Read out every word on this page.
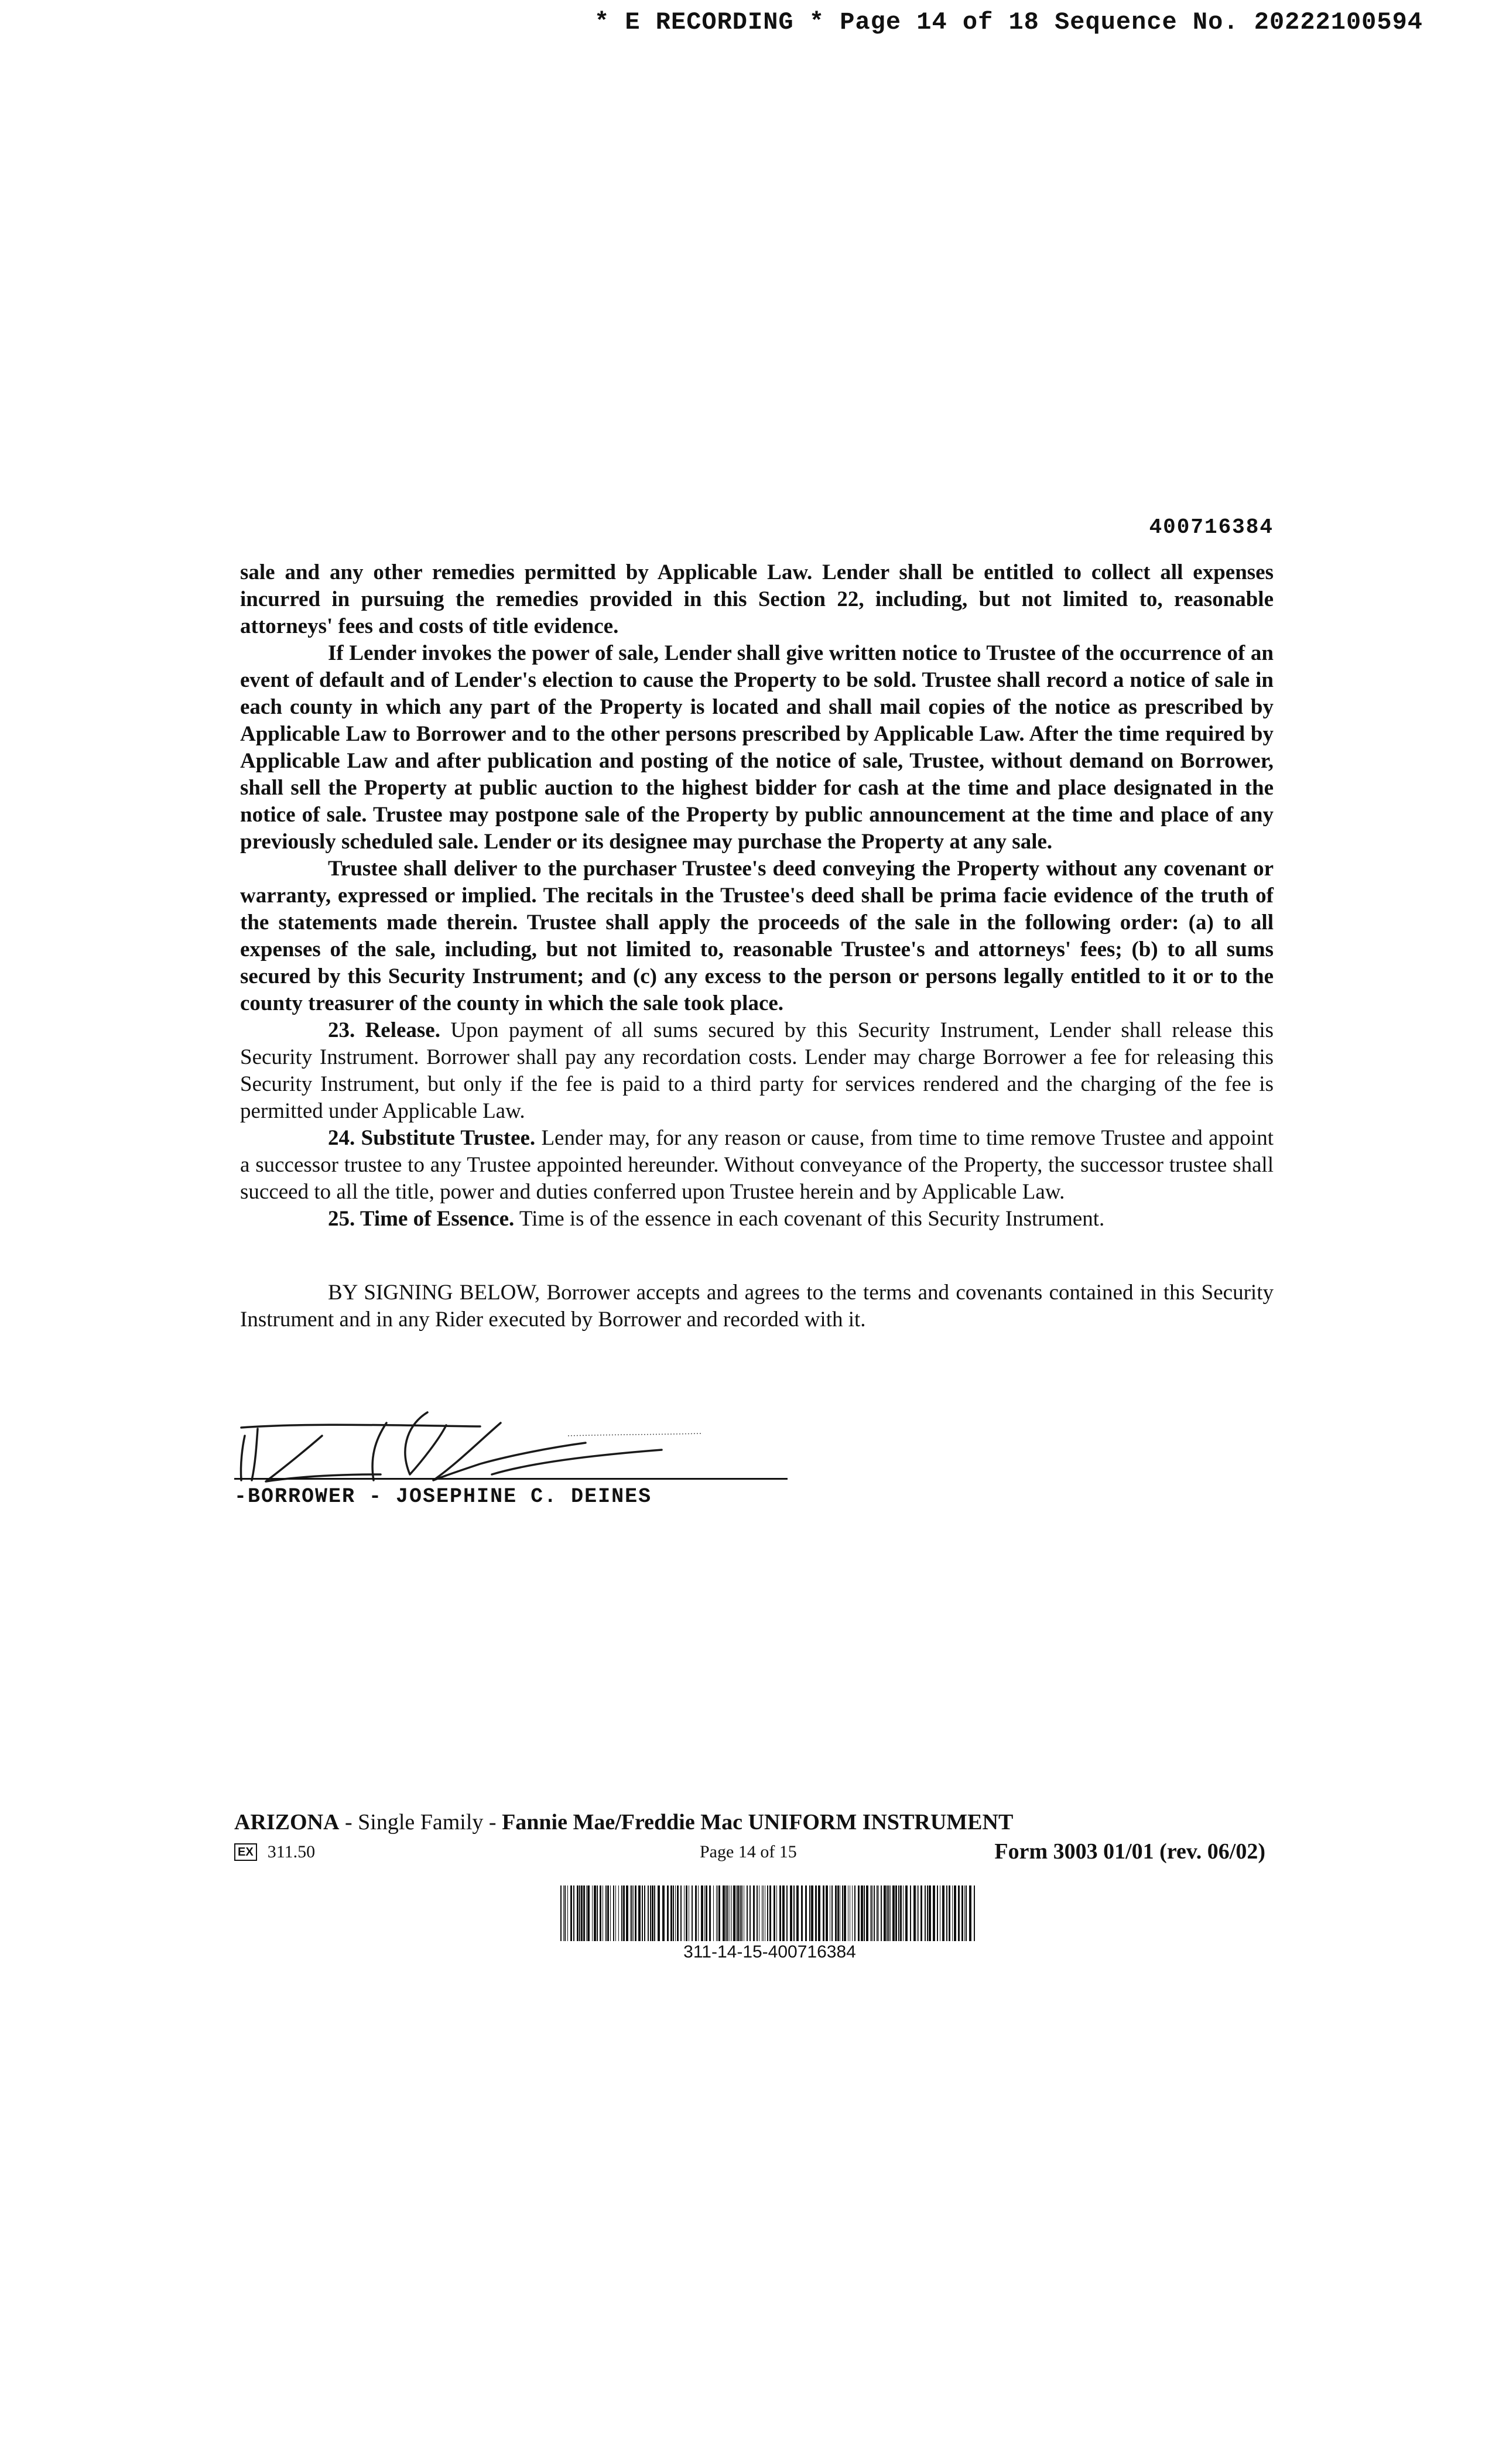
* E RECORDING * Page 14 of 18 Sequence No. 20222100594
400716384

sale and any other remedies permitted by Applicable Law. Lender shall be entitled to collect all expenses incurred in pursuing the remedies provided in this Section 22, including, but not limited to, reasonable attorneys' fees and costs of title evidence.

If Lender invokes the power of sale, Lender shall give written notice to Trustee of the occurrence of an event of default and of Lender's election to cause the Property to be sold. Trustee shall record a notice of sale in each county in which any part of the Property is located and shall mail copies of the notice as prescribed by Applicable Law to Borrower and to the other persons prescribed by Applicable Law. After the time required by Applicable Law and after publication and posting of the notice of sale, Trustee, without demand on Borrower, shall sell the Property at public auction to the highest bidder for cash at the time and place designated in the notice of sale. Trustee may postpone sale of the Property by public announcement at the time and place of any previously scheduled sale. Lender or its designee may purchase the Property at any sale.

Trustee shall deliver to the purchaser Trustee's deed conveying the Property without any covenant or warranty, expressed or implied. The recitals in the Trustee's deed shall be prima facie evidence of the truth of the statements made therein. Trustee shall apply the proceeds of the sale in the following order: (a) to all expenses of the sale, including, but not limited to, reasonable Trustee's and attorneys' fees; (b) to all sums secured by this Security Instrument; and (c) any excess to the person or persons legally entitled to it or to the county treasurer of the county in which the sale took place.

23. Release. Upon payment of all sums secured by this Security Instrument, Lender shall release this Security Instrument. Borrower shall pay any recordation costs. Lender may charge Borrower a fee for releasing this Security Instrument, but only if the fee is paid to a third party for services rendered and the charging of the fee is permitted under Applicable Law.

24. Substitute Trustee. Lender may, for any reason or cause, from time to time remove Trustee and appoint a successor trustee to any Trustee appointed hereunder. Without conveyance of the Property, the successor trustee shall succeed to all the title, power and duties conferred upon Trustee herein and by Applicable Law.

25. Time of Essence. Time is of the essence in each covenant of this Security Instrument.

BY SIGNING BELOW, Borrower accepts and agrees to the terms and covenants contained in this Security Instrument and in any Rider executed by Borrower and recorded with it.

-BORROWER - JOSEPHINE C. DEINES
ARIZONA - Single Family - Fannie Mae/Freddie Mac UNIFORM INSTRUMENT
EX 311.50	Page 14 of 15	Form 3003 01/01 (rev. 06/02)
311-14-15-400716384
